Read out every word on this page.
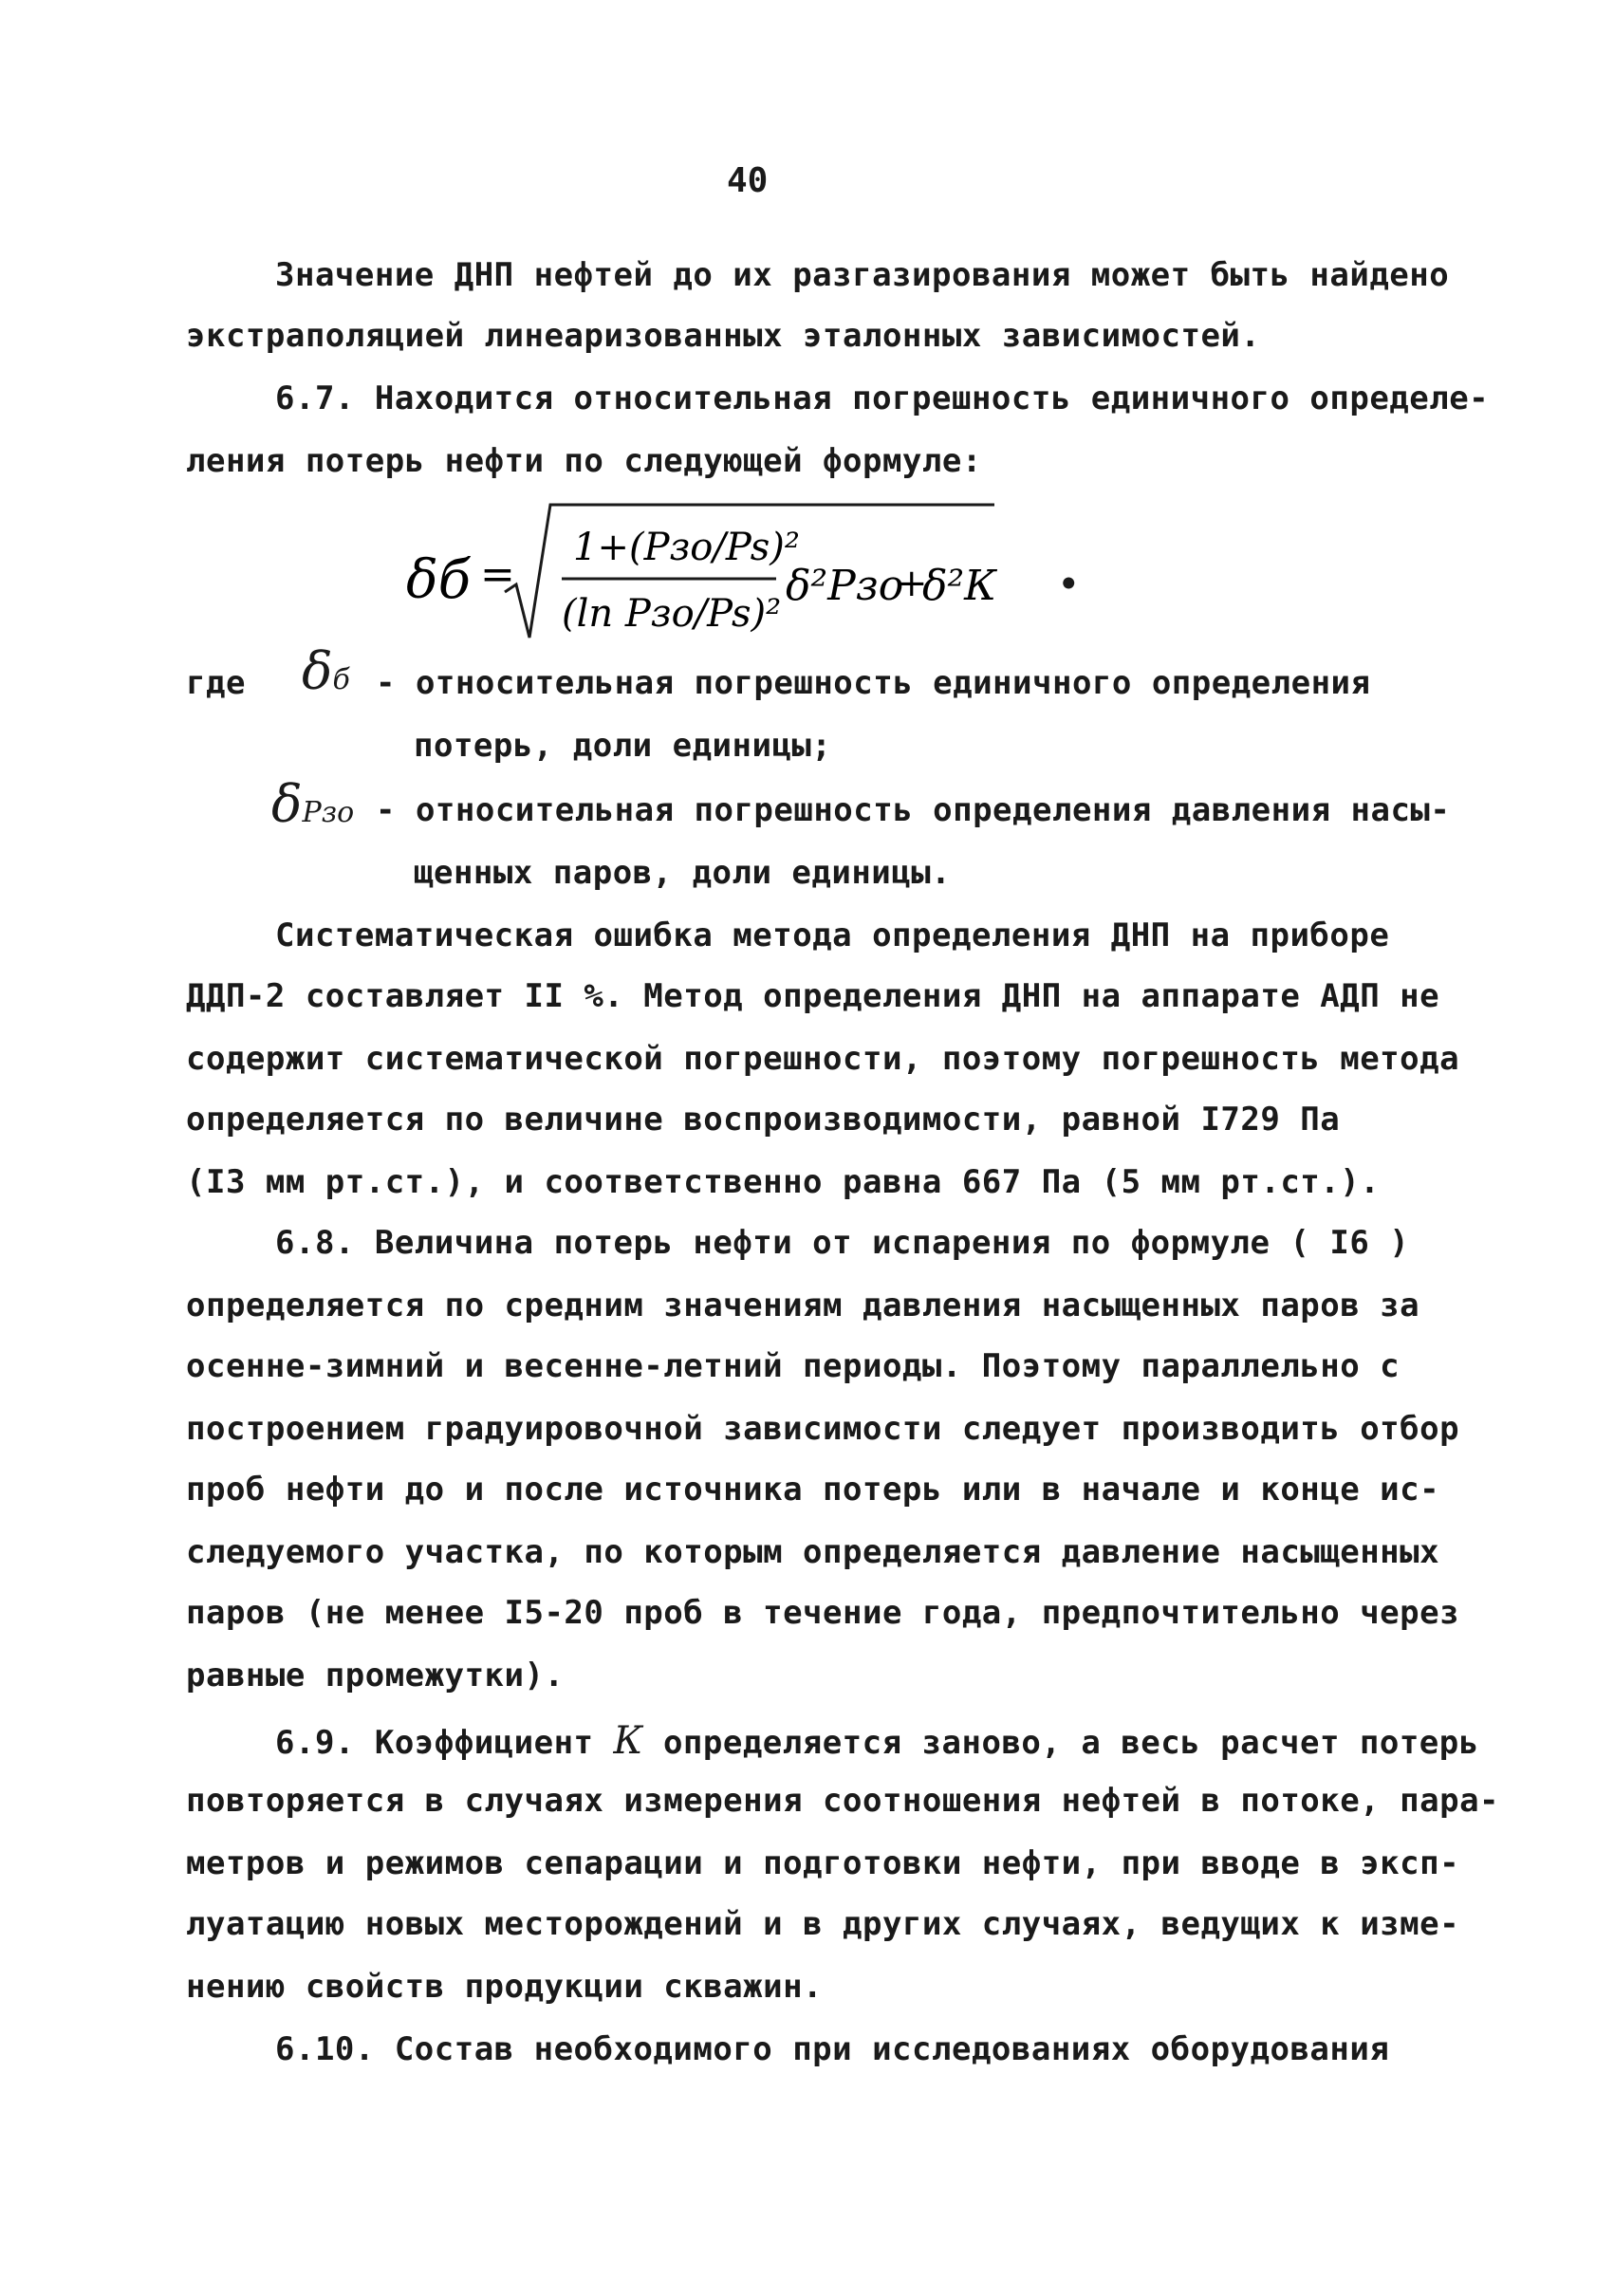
40
Значение ДНП нефтей до их разгазирования может быть найдено
экстраполяцией линеаризованных эталонных зависимостей.
6.7. Находится относительная погрешность единичного определе-
ления потерь нефти по следующей формуле:
δб =
1+(Pзо/Ps)²
(ln Pзо/Ps)²
δ²Pзо
+
δ²К •
где δб - относительная погрешность единичного определения
потерь, доли единицы;
δPзо - относительная погрешность определения давления насы-
щенных паров, доли единицы.
Систематическая ошибка метода определения ДНП на приборе
ДДП-2 составляет II %. Метод определения ДНП на аппарате АДП не
содержит систематической погрешности, поэтому погрешность метода
определяется по величине воспроизводимости, равной I729 Па
(I3 мм рт.ст.), и соответственно равна 667 Па (5 мм рт.ст.).
6.8. Величина потерь нефти от испарения по формуле ( I6 )
определяется по средним значениям давления насыщенных паров за
осенне-зимний и весенне-летний периоды. Поэтому параллельно с
построением градуировочной зависимости следует производить отбор
проб нефти до и после источника потерь или в начале и конце ис-
следуемого участка, по которым определяется давление насыщенных
паров (не менее I5-20 проб в течение года, предпочтительно через
равные промежутки).
6.9. Коэффициент К определяется заново, а весь расчет потерь
повторяется в случаях измерения соотношения нефтей в потоке, пара-
метров и режимов сепарации и подготовки нефти, при вводе в эксп-
луатацию новых месторождений и в других случаях, ведущих к изме-
нению свойств продукции скважин.
6.10. Состав необходимого при исследованиях оборудования
